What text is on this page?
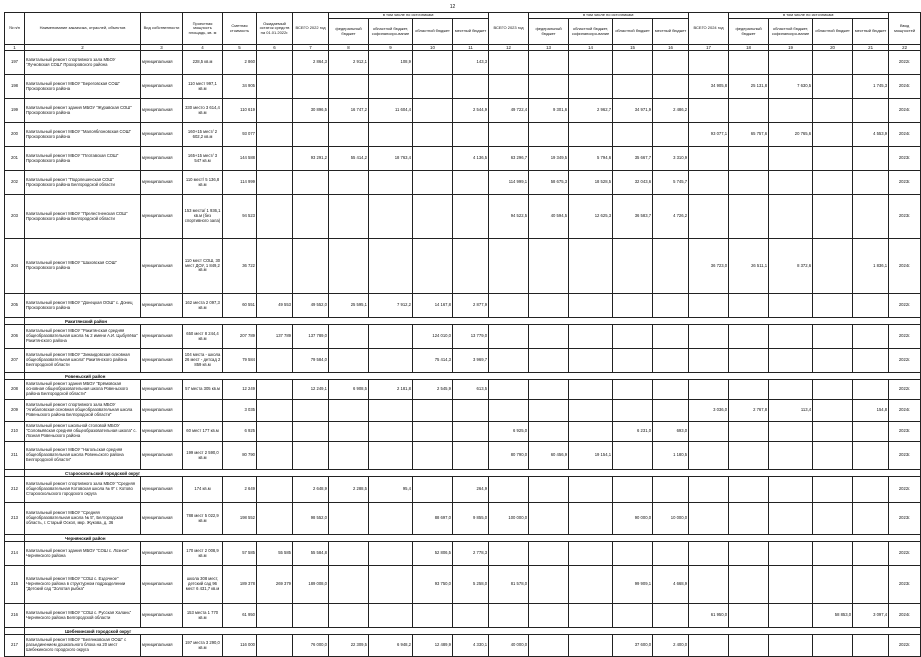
12
№ п/п	Наименование заказчика, отраслей, объектов	Вид собственности	Проектная мощность площадь, кв. м	Сметная стоимость	Ожидаемый остаток средств на 01.01.2022г.	ВСЕГО 2022 год	в том числе по источникам:				ВСЕГО 2023 год	в том числе по источникам:				ВСЕГО 2024 год	в том числе по источникам:				Ввод мощностей
							федеральный бюджет	областной бюджет, софинансиро-вание	областной бюджет	местный бюджет		федеральный бюджет	областной бюджет, софинансиро-вание	областной бюджет	местный бюджет		федеральный бюджет	областной бюджет, софинансиро-вание	областной бюджет	местный бюджет	
1	2	3	4	5	6	7	8	9	10	11	12	13	14	15	16	17	18	19	20	21	22
197	Капитальный ремонт спортивного зала МБОУ "Лучковская СОШ" Прохоровского района	муниципальная	228,5 кв.м	2 860		2 864,3	2 912,1	108,9		143,3											2022г.
198	Капитальный ремонт МБОУ "Береговская СОШ" Прохоровского района	муниципальная	110 мест 997,1 кв.м	34 905												34 905,8	25 131,8	7 630,5		1 745,3	2024г.
199	Капитальный ремонт здания МБОУ "Журавская СОШ" Прохоровского района	муниципальная	330 место 3 614,4 кв.м	110 619		30 896,5	16 747,2	11 604,4		2 544,9	49 722,4	9 301,6	2 962,7	34 971,9	2 486,2						2024г.
200	Капитальный ремонт МБОУ "Малояблоновская СОШ" Прохоровского района	муниципальная	160+15 мест/ 2 602,2 кв.м	93 077												93 077,1	65 757,6	20 765,6		4 553,9	2024г.
201	Капитальный ремонт МБОУ "Плотавская СОШ" Прохоровского района	муниципальная	165+15 мест/ 3 547 кв.м	144 588		93 291,2	55 414,2	18 763,4		4 136,5	63 296,7	19 349,5	5 794,6	35 667,7	3 310,9						2023г.
202	Капитальный ремонт "Подолешенская СОШ" Прохоровского района Белгородской области	муниципальная	110 мест/ 5 136,8 кв.м	114 999							114 999,1	58 675,3	18 528,5	32 043,6	5 745,7						2023г.
203	Капитальный ремонт МБОУ "Прелестненская СОШ" Прохоровского района Белгородской области	муниципальная	153 места/ 1 936,1 кв.м (без спортивного зала)	94 523							94 522,5	40 594,5	12 625,3	36 583,7	4 726,2						2023г.
204	Капитальный ремонт МБОУ "Шаховская СОШ" Прохоровского района	муниципальная	110 мест СОШ, 30 мест ДОУ, 1 849,2 кв.м	36 722												36 723,0	26 511,1	8 372,6		1 836,1	2024г.
205	Капитальный ремонт МБОУ "Донецкая ООШ" с. Донец Прохоровского района	муниципальная	162 места 2 097,3 кв.м	60 551	49 553	49 552,0	25 595,1	7 912,2	14 167,8	2 877,9											2022г.
	Ракитянский район																				
206	Капитальный ремонт МБОУ "Ракитянская средняя общеобразовательная школа № 2 имени А.И. Цыбулёва" Ракитянского района	муниципальная	650 мест 8 244,4 кв.м	207 789	137 789	137 789,0			124 010,0	13 779,0											2022г.
207	Капитальный ремонт МБОУ "Зинаидовская основная общеобразовательная школа" Ракитянского района Белгородской области	муниципальная	104 места - школа 26 мест - детсад 2 859 кв.м	79 584		79 584,0			75 414,3	3 969,7											2022г.
	Ровеньский район																				
208	Капитальный ремонт здания МБОУ "Ерёмовская основная общеобразовательная школа Ровеньского района Белгородской области"	муниципальная	57 места 305 кв.м	12 249		12 249,1	6 908,5	2 181,8	2 545,9	613,5											2022г.
209	Капитальный ремонт спортивного зала МБОУ "Агибаловская основная общеобразовательная школа Ровеньского района Белгородской области"	муниципальная		3 035												3 036,0	2 767,8	113,4		154,8	2024г.
210	Капитальный ремонт школьной столовой МБОУ "Соловьёвская средняя общеобразовательная школа" с. Лозная Ровеньского района	муниципальная	60 мест 177 кв.м	6 925							6 925,0			6 231,0	693,0						2023г.
211	Капитальный ремонт МБОУ "Нагольская средняя общеобразовательная школа Ровеньского района Белгородской области"	муниципальная	199 мест 2 590,0 кв.м	80 790							80 790,0	60 456,9	19 154,1		1 180,5						2023г.
	Старооскольский городской округ																				
212	Капитальный ремонт спортивного зала МБОУ "Средняя общеобразовательная Котовская школа № 9" г. Котово Старооскольского городского округа	муниципальная	174 кв.м	2 649		2 648,9	2 288,5	95,4		264,9											2022г.
213	Капитальный ремонт МБОУ "Средняя общеобразовательная школа № 5", Белгородская область, г. Старый Оскол, мкр. Жукова, д. 36	муниципальная	788 мест 5 022,9 кв.м	198 552		98 552,0			88 697,0	9 855,0	100 000,0			90 000,0	10 000,0						2023г.
	Чернянский район																				
214	Капитальный ремонт здания МБОУ "СОШ с. Лозное" Чернянского района	муниципальная	170 мест 2 008,9 кв.м	57 585	55 585	55 584,8			52 806,5	2 778,3											2022г.
215	Капитальный ремонт МБОУ "СОШ с. Ездочное" Чернянского района в структурном подразделении "Детский сад "Золотая рыбка"	муниципальная	школа 308 мест, детский сад 96 мест 6 431,7 кв.м	189 378	269 379	189 008,0			93 750,0	5 258,0	81 578,0			99 909,1	4 668,9						2023г.
216	Капитальный ремонт МБОУ "СОШ с. Русская Халань" Чернянского района Белгородской области	муниципальная	153 места 1 770 кв.м	61 950												61 950,0			58 853,0	3 097,4	2024г.
	Шебекинский городской округ																				
217	Капитальный ремонт МБОУ "Белянковская ООШ" с разъединением дошкольного блока на 20 мест Шебекинского городского округа	муниципальная	197 места 3 290,0 кв.м	116 000		76 000,0	22 309,5	6 948,2	12 489,9	4 330,1	40 000,0			37 600,0	2 400,0						2022г.
